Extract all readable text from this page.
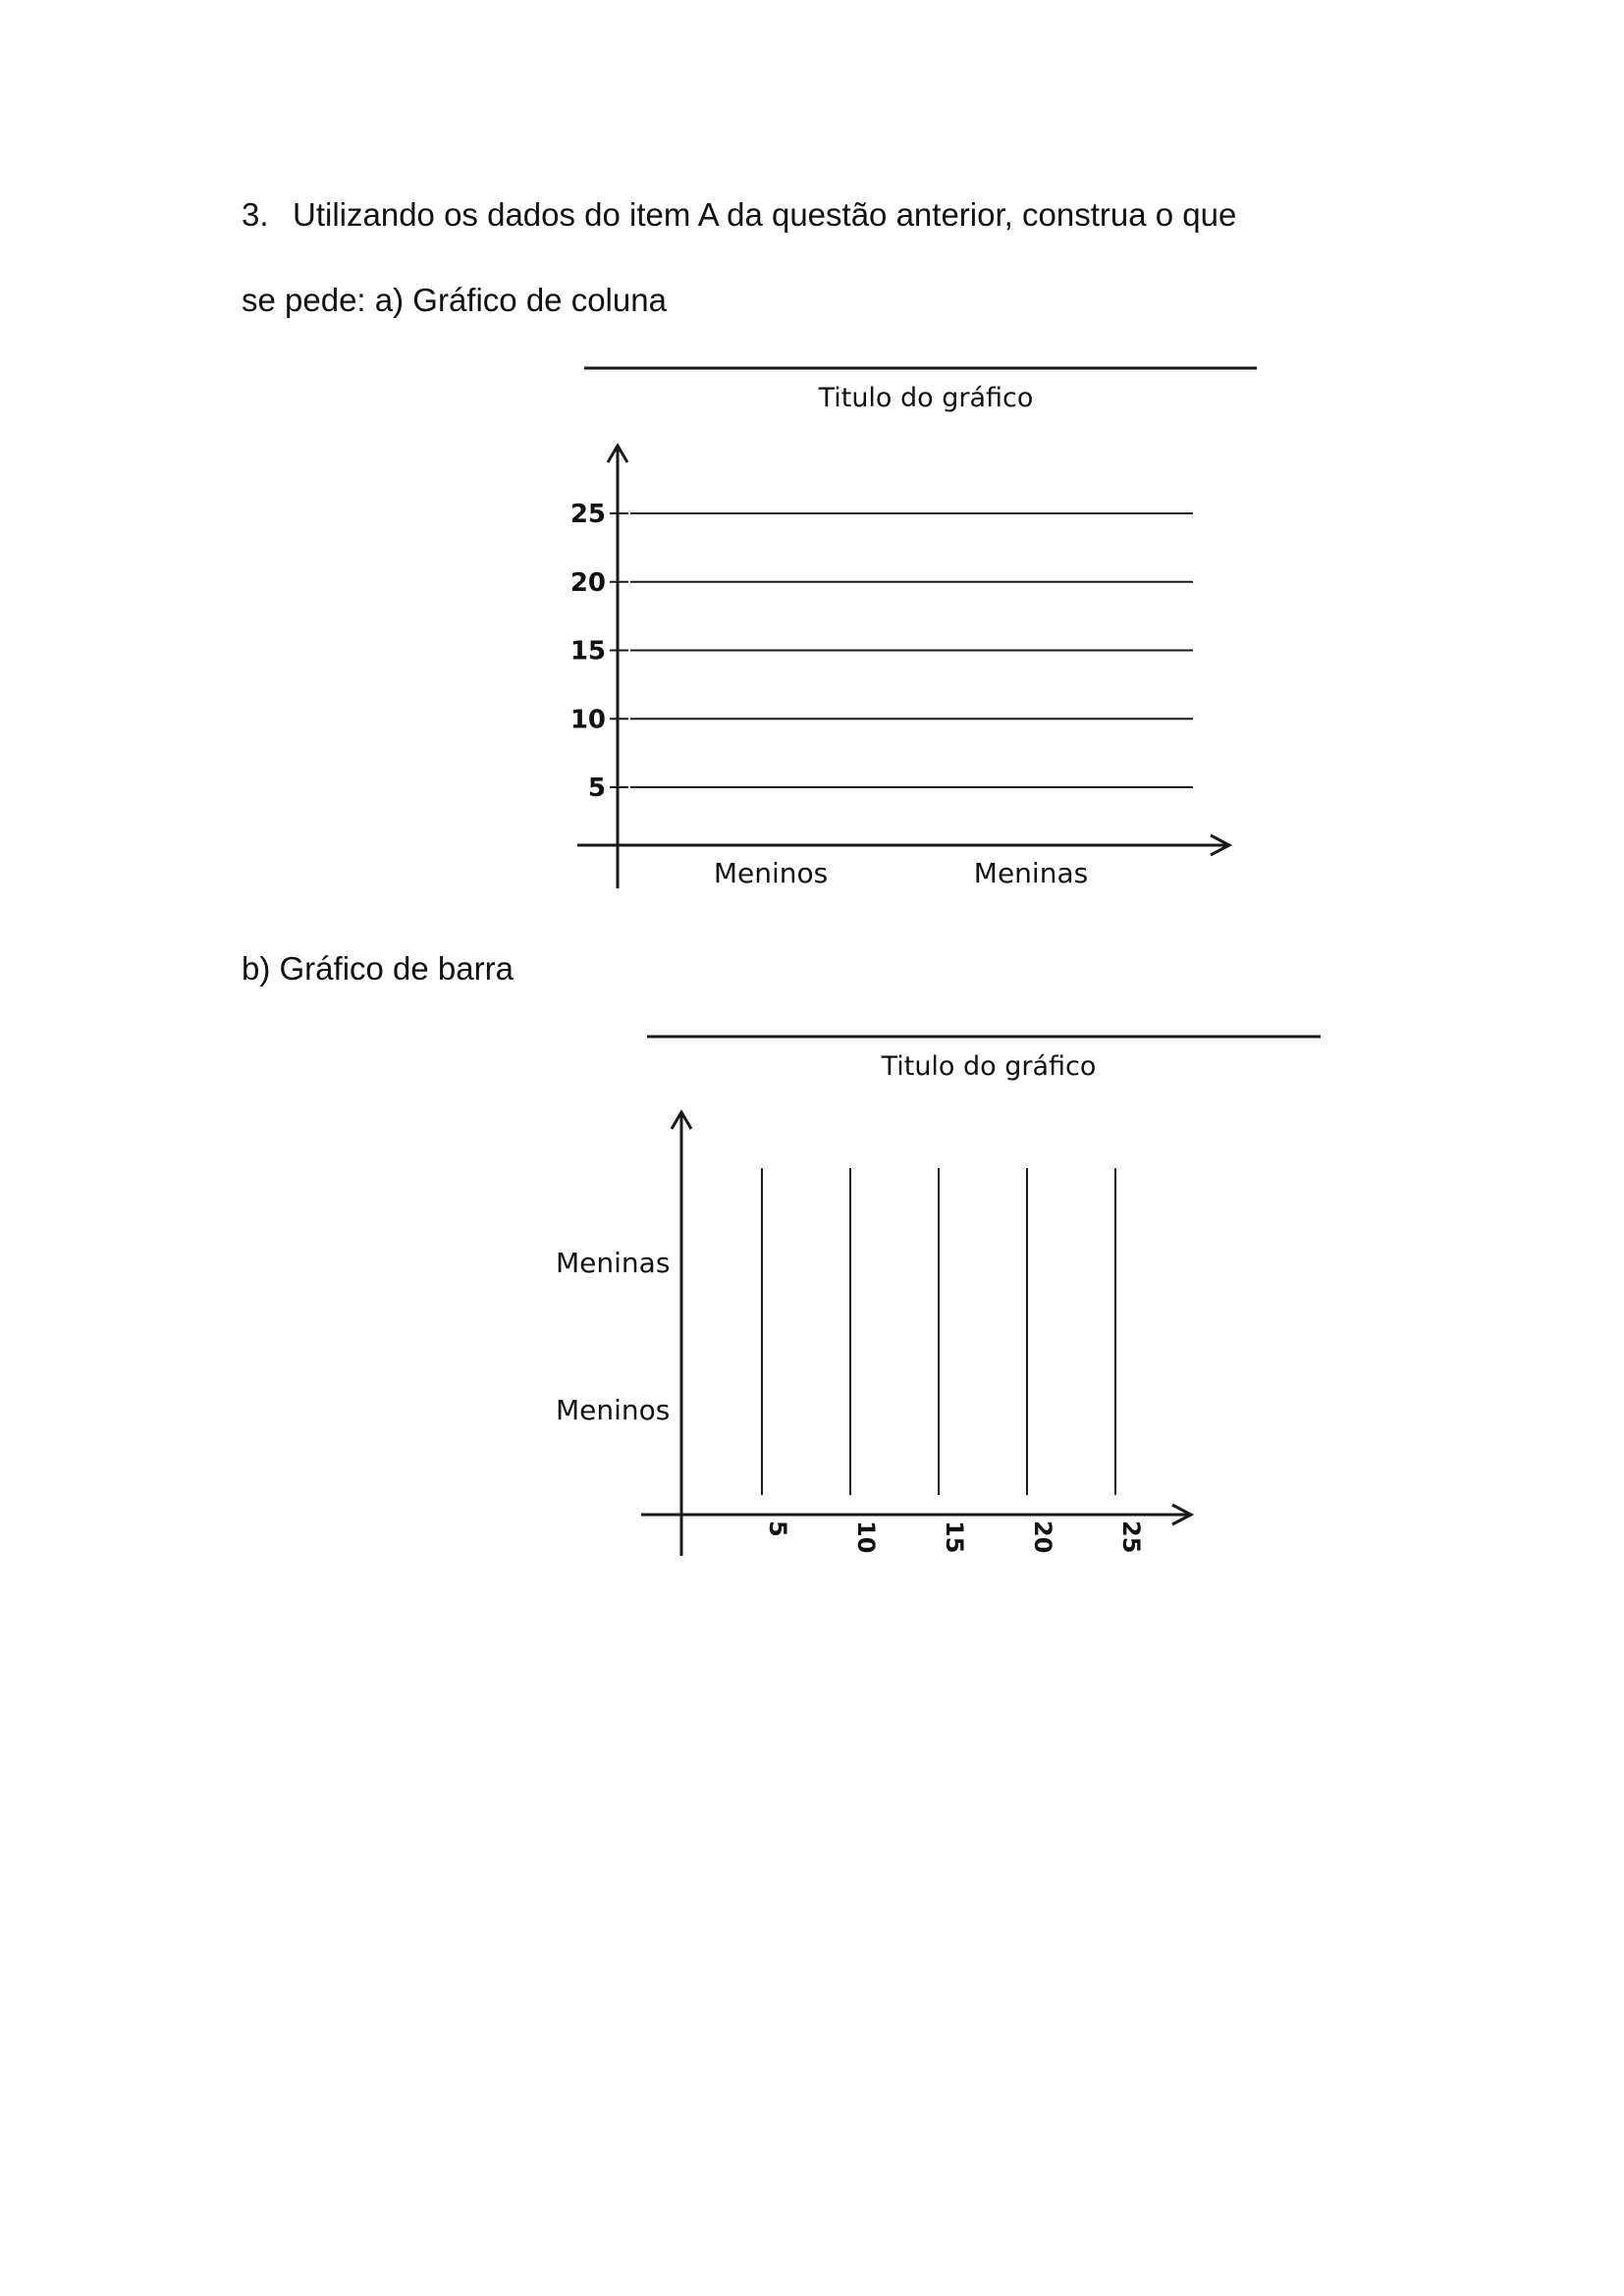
3. Utilizando os dados do item A da questão anterior, construa o que

se pede: a) Gráfico de coluna

b) Gráfico de barra

Titulo do gráfico
5
10
15
20
25
Meninos	Meninas
Titulo do gráfico
Meninos
Meninas
5	10	15	20	25
